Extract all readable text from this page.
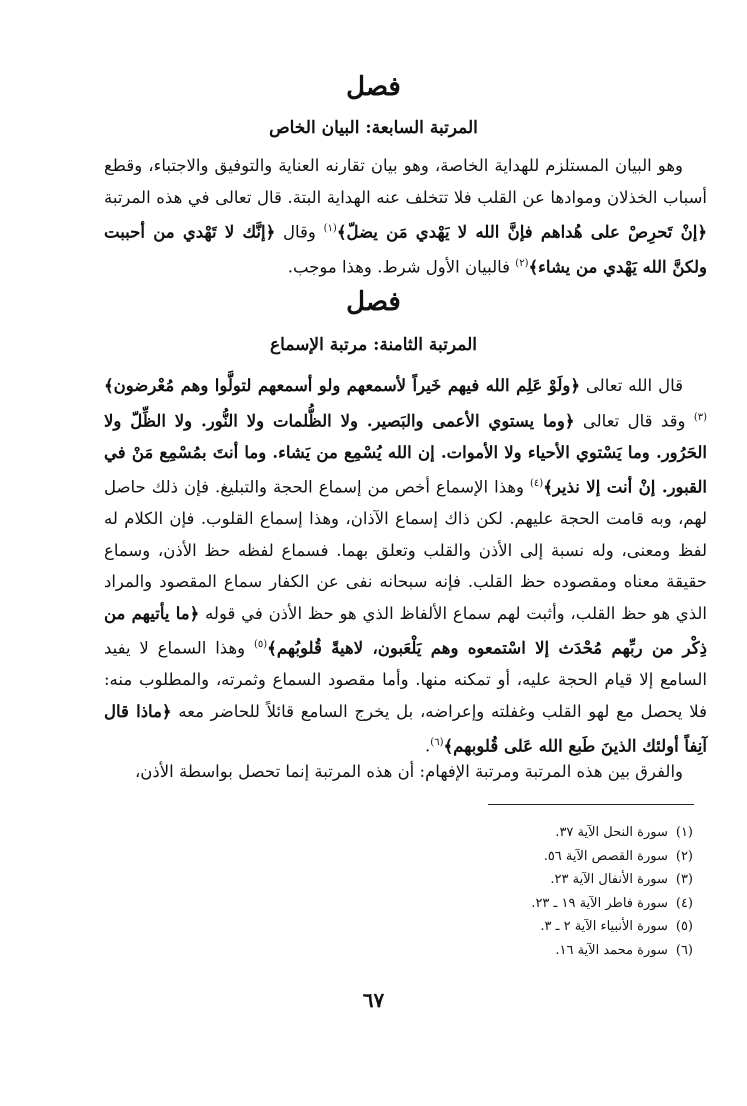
فصل
المرتبة السابعة: البيان الخاص

وهو البيان المستلزم للهداية الخاصة، وهو بيان تقارنه العناية والتوفيق والاجتباء، وقطع أسباب الخذلان وموادها عن القلب فلا تتخلف عنه الهداية البتة. قال تعالى في هذه المرتبة ﴿إنْ تَحرِصْ على هُداهم فإنَّ الله لا يَهْدي مَن يضلّ﴾$^{(١)}$ وقال ﴿إنَّك لا تَهْدي من أحببت ولكنَّ الله يَهْدي من يشاء﴾$^{(٢)}$ فالبيان الأول شرط. وهذا موجب.

فصل
المرتبة الثامنة: مرتبة الإسماع

قال الله تعالى ﴿ولَوْ عَلِم الله فيهم خَيراً لأسمعهم ولو أسمعهم لتولَّوا وهم مُعْرضون﴾$^{(٣)}$ وقد قال تعالى ﴿وما يستوي الأعمى والبَصير. ولا الظُّلمات ولا النُّور. ولا الظِّلّ ولا الحَرُور. وما يَسْتوي الأحياء ولا الأموات. إن الله يُسْمِع من يَشاء. وما أنتَ بمُسْمِع مَنْ في القبور. إنْ أنت إلا نذير﴾$^{(٤)}$ وهذا الإسماع أخص من إسماع الحجة والتبليغ. فإن ذلك حاصل لهم، وبه قامت الحجة عليهم. لكن ذاك إسماع الآذان، وهذا إسماع القلوب. فإن الكلام له لفظ ومعنى، وله نسبة إلى الأذن والقلب وتعلق بهما. فسماع لفظه حظ الأذن، وسماع حقيقة معناه ومقصوده حظ القلب. فإنه سبحانه نفى عن الكفار سماع المقصود والمراد الذي هو حظ القلب، وأثبت لهم سماع الألفاظ الذي هو حظ الأذن في قوله ﴿ما يأتيهم من ذِكْر من ربِّهم مُحْدَث إلا اسْتمعوه وهم يَلْعَبون، لاهيةً قُلوبُهم﴾$^{(٥)}$ وهذا السماع لا يفيد السامع إلا قيام الحجة عليه، أو تمكنه منها. وأما مقصود السماع وثمرته، والمطلوب منه: فلا يحصل مع لهو القلب وغفلته وإعراضه، بل يخرج السامع قائلاً للحاضر معه ﴿ماذا قال آنِفاً أولئك الذينَ طَبع الله عَلى قُلوبهم﴾$^{(٦)}$.

والفرق بين هذه المرتبة ومرتبة الإفهام: أن هذه المرتبة إنما تحصل بواسطة الأذن،

(١)سورة النحل الآية ٣٧.
(٢)سورة القصص الآية ٥٦.
(٣)سورة الأنفال الآية ٢٣.
(٤)سورة فاطر الآية ١٩ ـ ٢٣.
(٥)سورة الأنبياء الآية ٢ ـ ٣.
(٦)سورة محمد الآية ١٦.
٦٧
